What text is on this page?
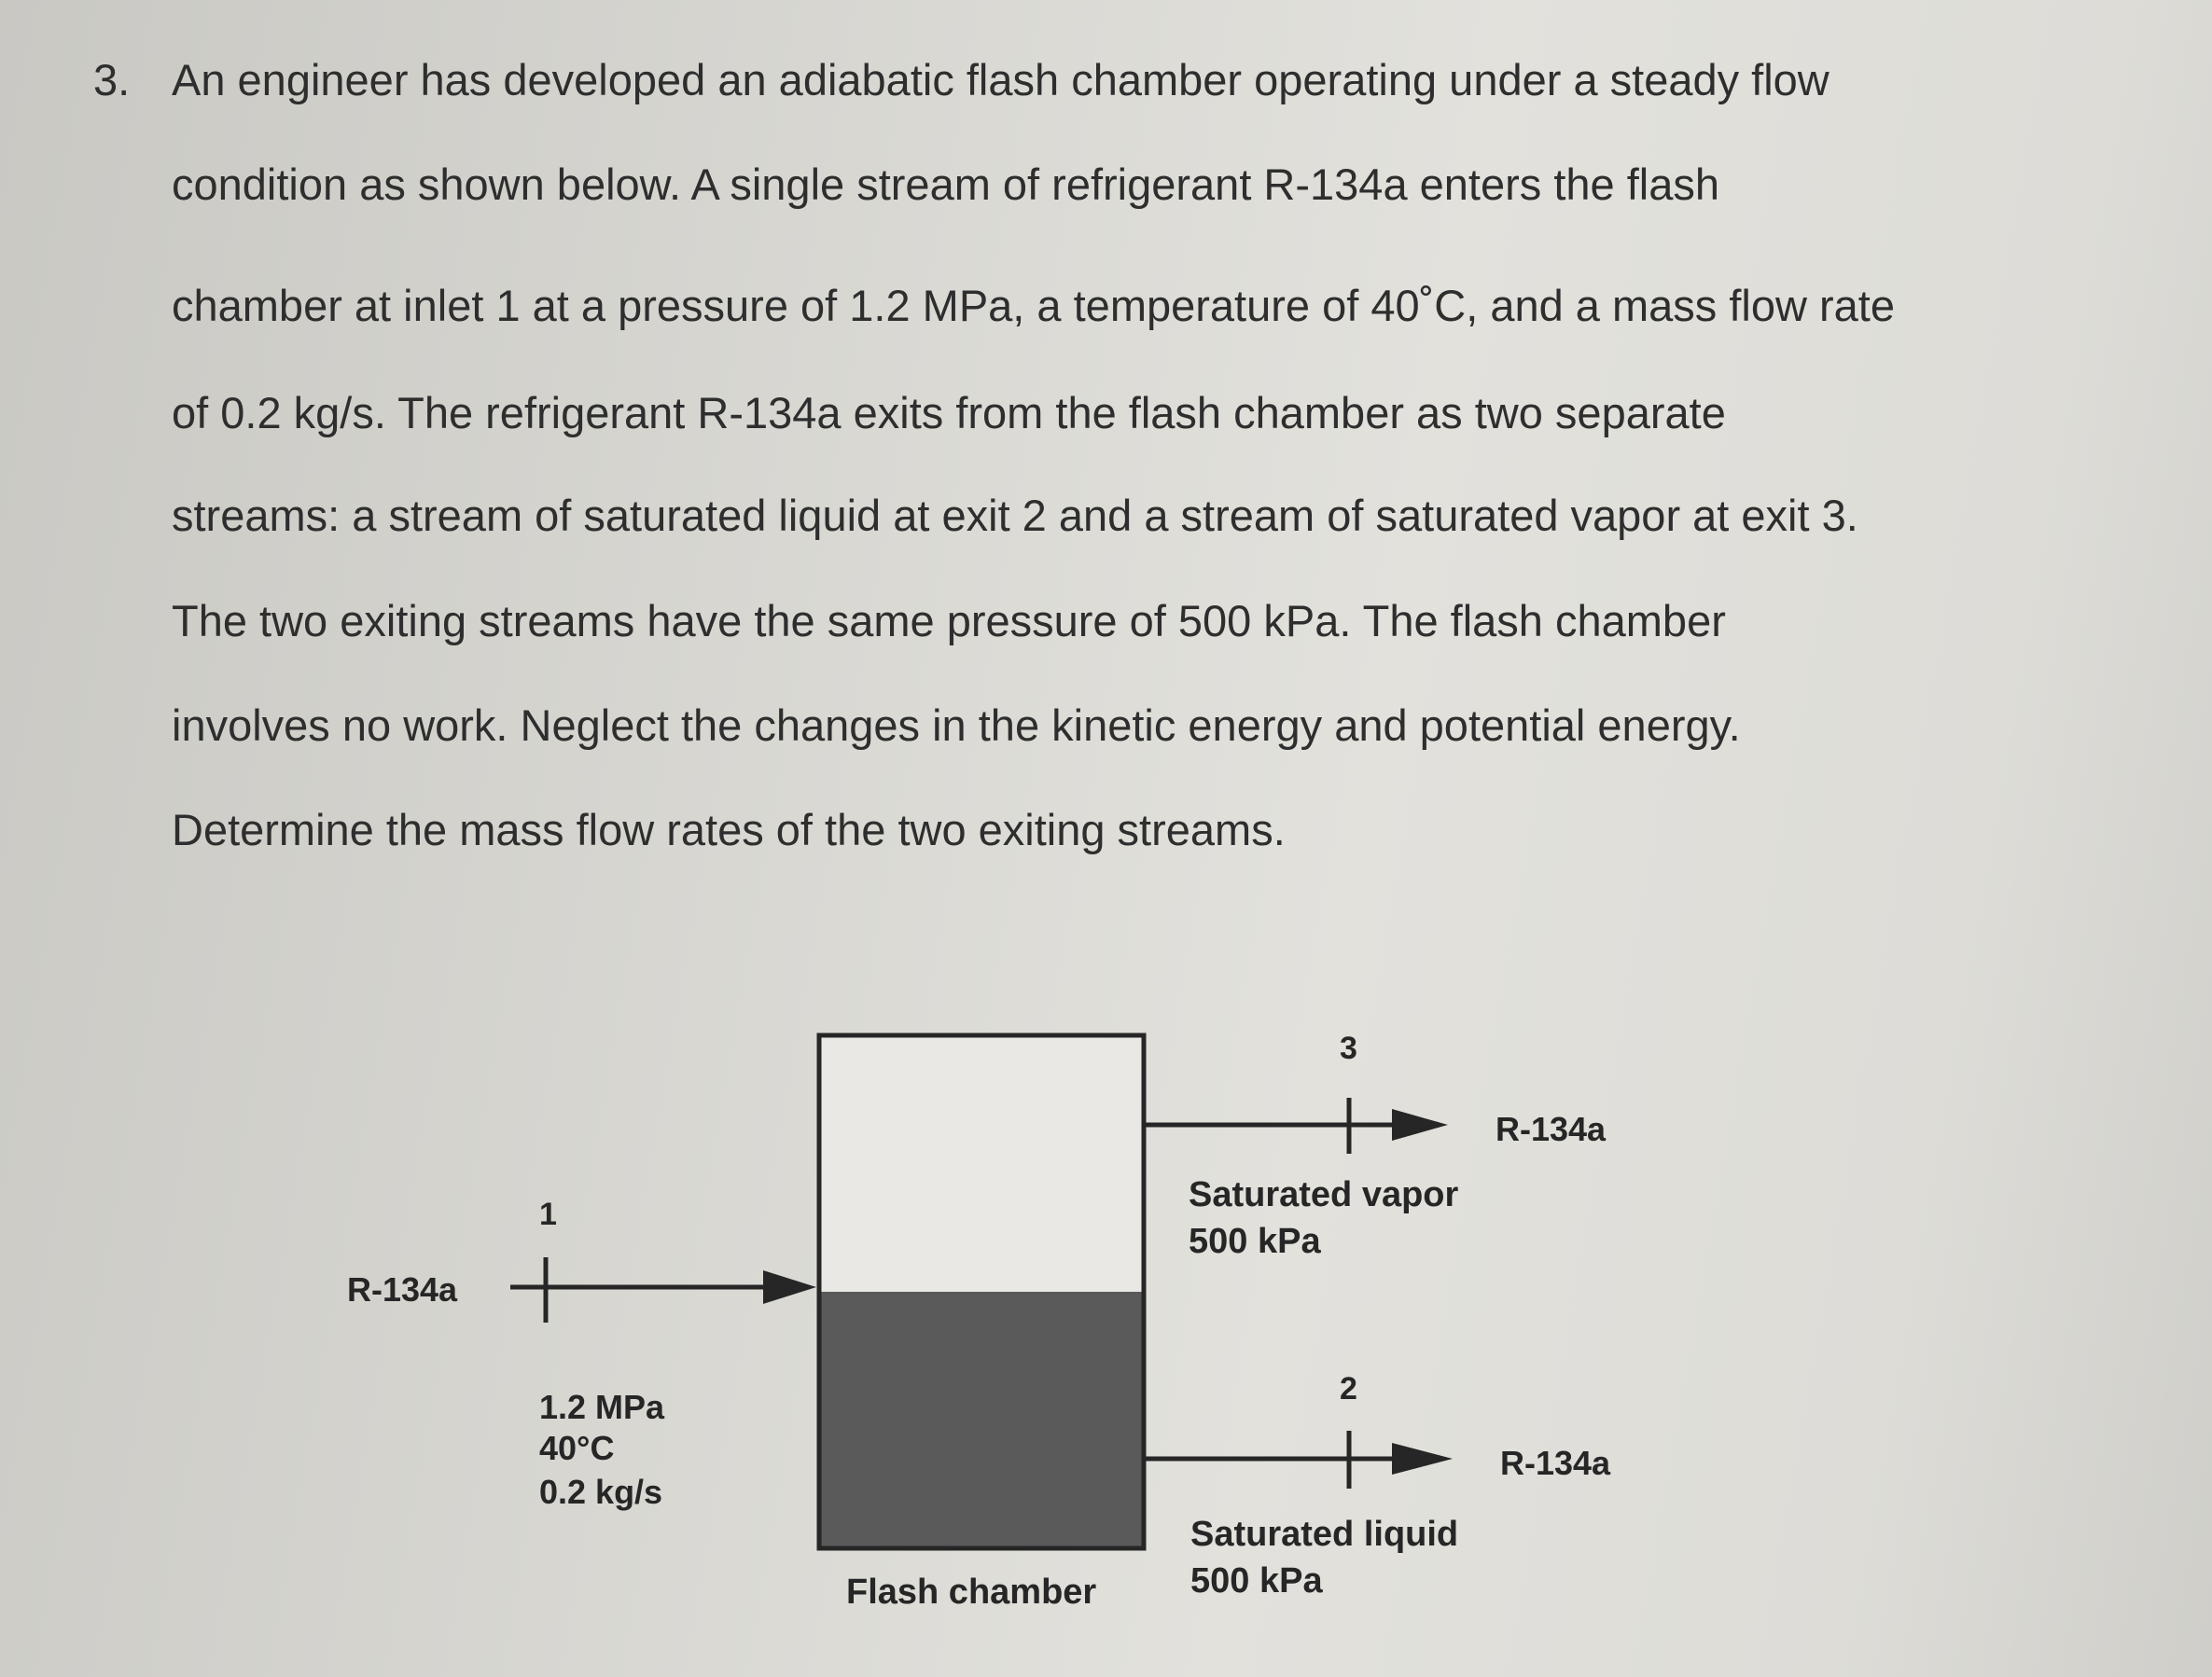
3. An engineer has developed an adiabatic flash chamber operating under a steady flow
condition as shown below. A single stream of refrigerant R-134a enters the flash
chamber at inlet 1 at a pressure of 1.2 MPa, a temperature of 40˚C, and a mass flow rate
of 0.2 kg/s. The refrigerant R-134a exits from the flash chamber as two separate
streams: a stream of saturated liquid at exit 2 and a stream of saturated vapor at exit 3.
The two exiting streams have the same pressure of 500 kPa. The flash chamber
involves no work. Neglect the changes in the kinetic energy and potential energy.
Determine the mass flow rates of the two exiting streams.
1
R-134a
1.2 MPa
40°C
0.2 kg/s
3
R-134a
Saturated vapor
500 kPa
2
R-134a
Saturated liquid
500 kPa
Flash chamber
